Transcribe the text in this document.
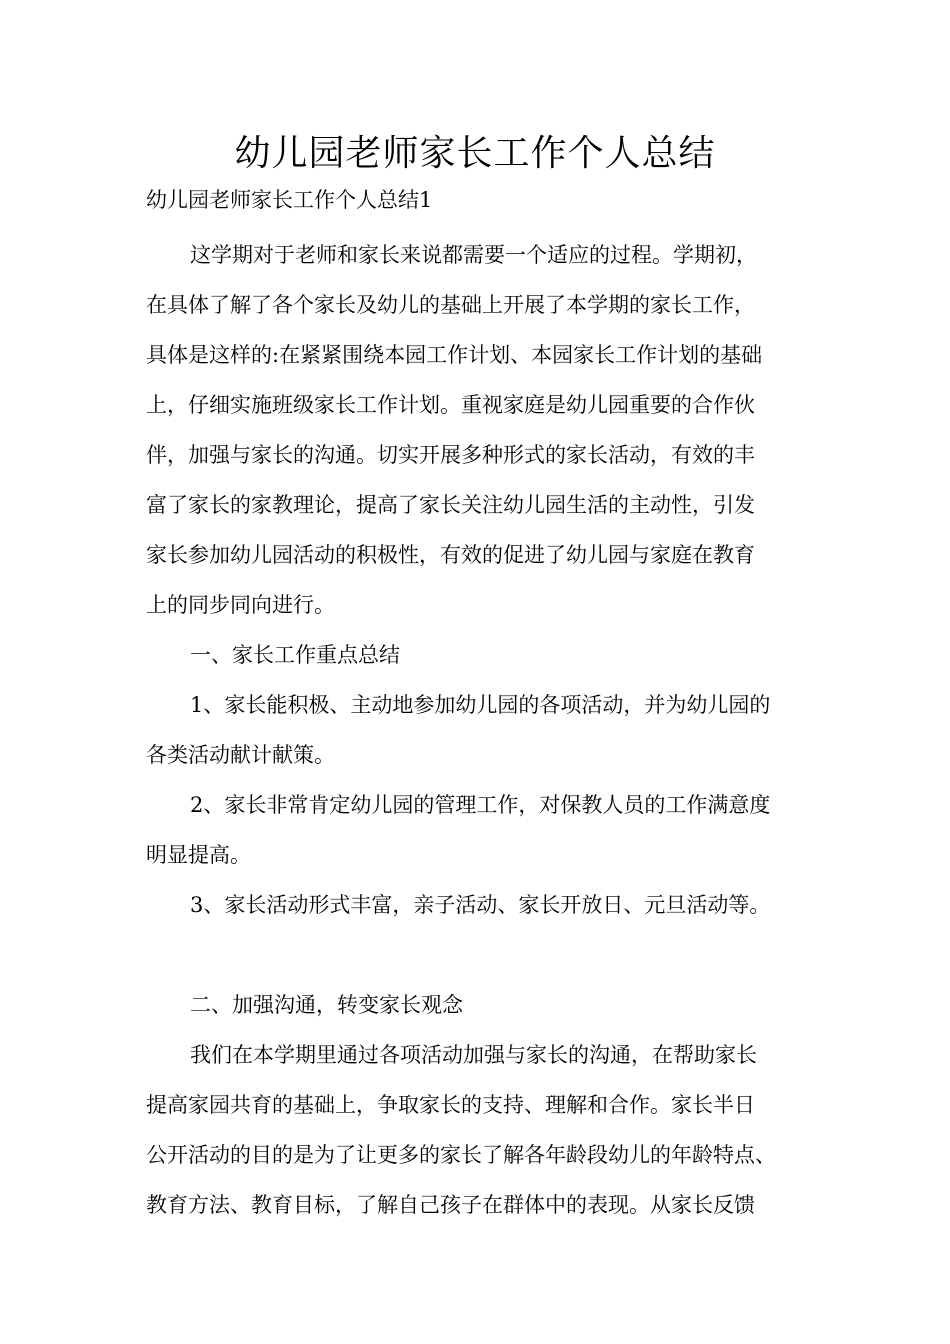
幼儿园老师家长工作个人总结

幼儿园老师家长工作个人总结1

这学期对于老师和家长来说都需要一个适应的过程。学期初，
在具体了解了各个家长及幼儿的基础上开展了本学期的家长工作，
具体是这样的:在紧紧围绕本园工作计划、本园家长工作计划的基础
上，仔细实施班级家长工作计划。重视家庭是幼儿园重要的合作伙
伴，加强与家长的沟通。切实开展多种形式的家长活动，有效的丰
富了家长的家教理论，提高了家长关注幼儿园生活的主动性，引发
家长参加幼儿园活动的积极性，有效的促进了幼儿园与家庭在教育
上的同步同向进行。
一、家长工作重点总结
1、家长能积极、主动地参加幼儿园的各项活动，并为幼儿园的
各类活动献计献策。
2、家长非常肯定幼儿园的管理工作，对保教人员的工作满意度
明显提高。
3、家长活动形式丰富，亲子活动、家长开放日、元旦活动等。
二、加强沟通，转变家长观念
我们在本学期里通过各项活动加强与家长的沟通，在帮助家长
提高家园共育的基础上，争取家长的支持、理解和合作。家长半日
公开活动的目的是为了让更多的家长了解各年龄段幼儿的年龄特点、
教育方法、教育目标，了解自己孩子在群体中的表现。从家长反馈
